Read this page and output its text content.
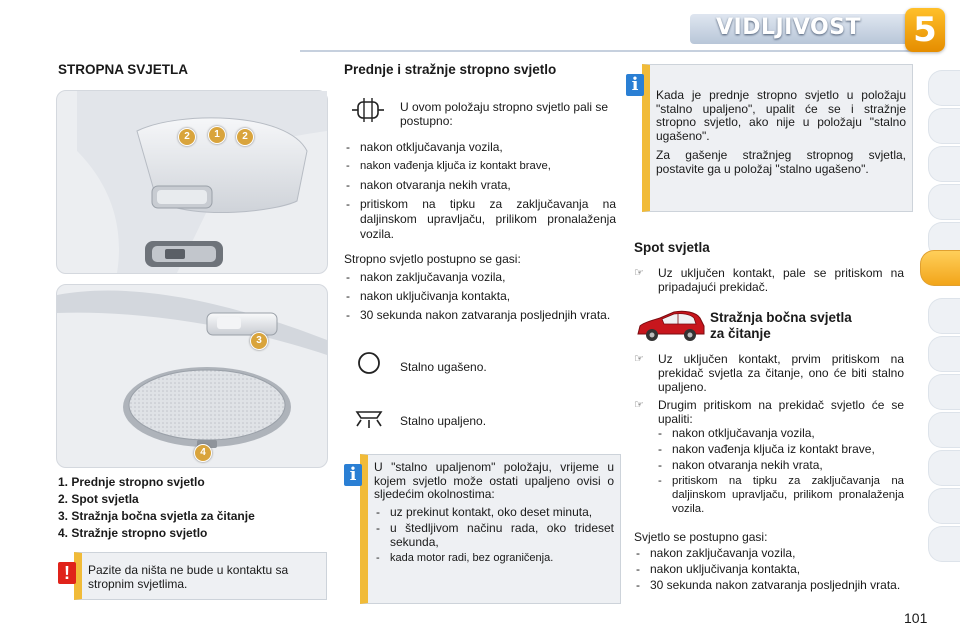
VIDLJIVOST 5
STROPNA SVJETLA
2	1	2
3
4
1. Prednje stropno svjetlo
2. Spot svjetla
3. Stražnja bočna svjetla za čitanje
4. Stražnje stropno svjetlo
Pazite da ništa ne bude u kontaktu sa stropnim svjetlima.
!
Prednje i stražnje stropno svjetlo
U ovom položaju stropno svjetlo pali se postupno:
- nakon otključavanja vozila,
- nakon vađenja ključa iz kontakt brave,
- nakon otvaranja nekih vrata,
- pritiskom na tipku za zaključavanja na daljinskom upravljaču, prilikom pronalaženja vozila.
Stropno svjetlo postupno se gasi:
- nakon zaključavanja vozila,
- nakon uključivanja kontakta,
- 30 sekunda nakon zatvaranja posljednjih vrata.
Stalno ugašeno.
Stalno upaljeno.
U "stalno upaljenom" položaju, vrijeme u kojem svjetlo može ostati upaljeno ovisi o sljedećim okolnostima:
- uz prekinut kontakt, oko deset minuta,
- u štedljivom načinu rada, oko trideset sekunda,
- kada motor radi, bez ograničenja.
i
Kada je prednje stropno svjetlo u položaju "stalno upaljeno", upalit će se i stražnje stropno svjetlo, ako nije u položaju "stalno ugašeno".
Za gašenje stražnjeg stropnog svjetla, postavite ga u položaj "stalno ugašeno".
i
Spot svjetla
☞ Uz uključen kontakt, pale se pritiskom na pripadajući prekidač.
Stražnja bočna svjetla
za čitanje
☞ Uz uključen kontakt, prvim pritiskom na prekidač svjetla za čitanje, ono će biti stalno upaljeno.
☞ Drugim pritiskom na prekidač svjetlo će se upaliti:
- nakon otključavanja vozila,
- nakon vađenja ključa iz kontakt brave,
- nakon otvaranja nekih vrata,
- pritiskom na tipku za zaključavanja na daljinskom upravljaču, prilikom pronalaženja vozila.
Svjetlo se postupno gasi:
- nakon zaključavanja vozila,
- nakon uključivanja kontakta,
- 30 sekunda nakon zatvaranja posljednjih vrata.
101
